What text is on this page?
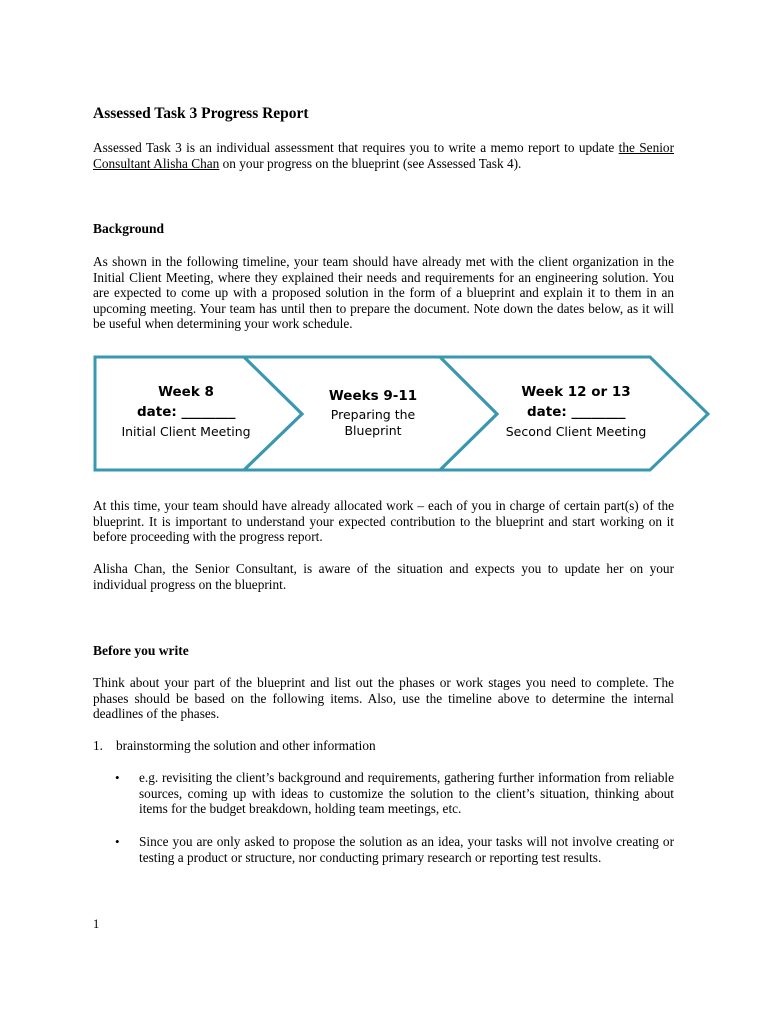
Assessed Task 3 Progress Report

Assessed Task 3 is an individual assessment that requires you to write a memo report to update the Senior Consultant Alisha Chan on your progress on the blueprint (see Assessed Task 4).

Background

As shown in the following timeline, your team should have already met with the client organization in the Initial Client Meeting, where they explained their needs and requirements for an engineering solution. You are expected to come up with a proposed solution in the form of a blueprint and explain it to them in an upcoming meeting. Your team has until then to prepare the document. Note down the dates below, as it will be useful when determining your work schedule.

At this time, your team should have already allocated work – each of you in charge of certain part(s) of the blueprint. It is important to understand your expected contribution to the blueprint and start working on it before proceeding with the progress report.

Alisha Chan, the Senior Consultant, is aware of the situation and expects you to update her on your individual progress on the blueprint.

Before you write

Think about your part of the blueprint and list out the phases or work stages you need to complete. The phases should be based on the following items. Also, use the timeline above to determine the internal deadlines of the phases.

1. brainstorming the solution and other information
• e.g. revisiting the client’s background and requirements, gathering further information from reliable sources, coming up with ideas to customize the solution to the client’s situation, thinking about items for the budget breakdown, holding team meetings, etc.

• Since you are only asked to propose the solution as an idea, your tasks will not involve creating or testing a product or structure, nor conducting primary research or reporting test results.

1
Week 8
date: ________
Initial Client Meeting
Weeks 9-11
Preparing the
Blueprint
Week 12 or 13
date: ________
Second Client Meeting
